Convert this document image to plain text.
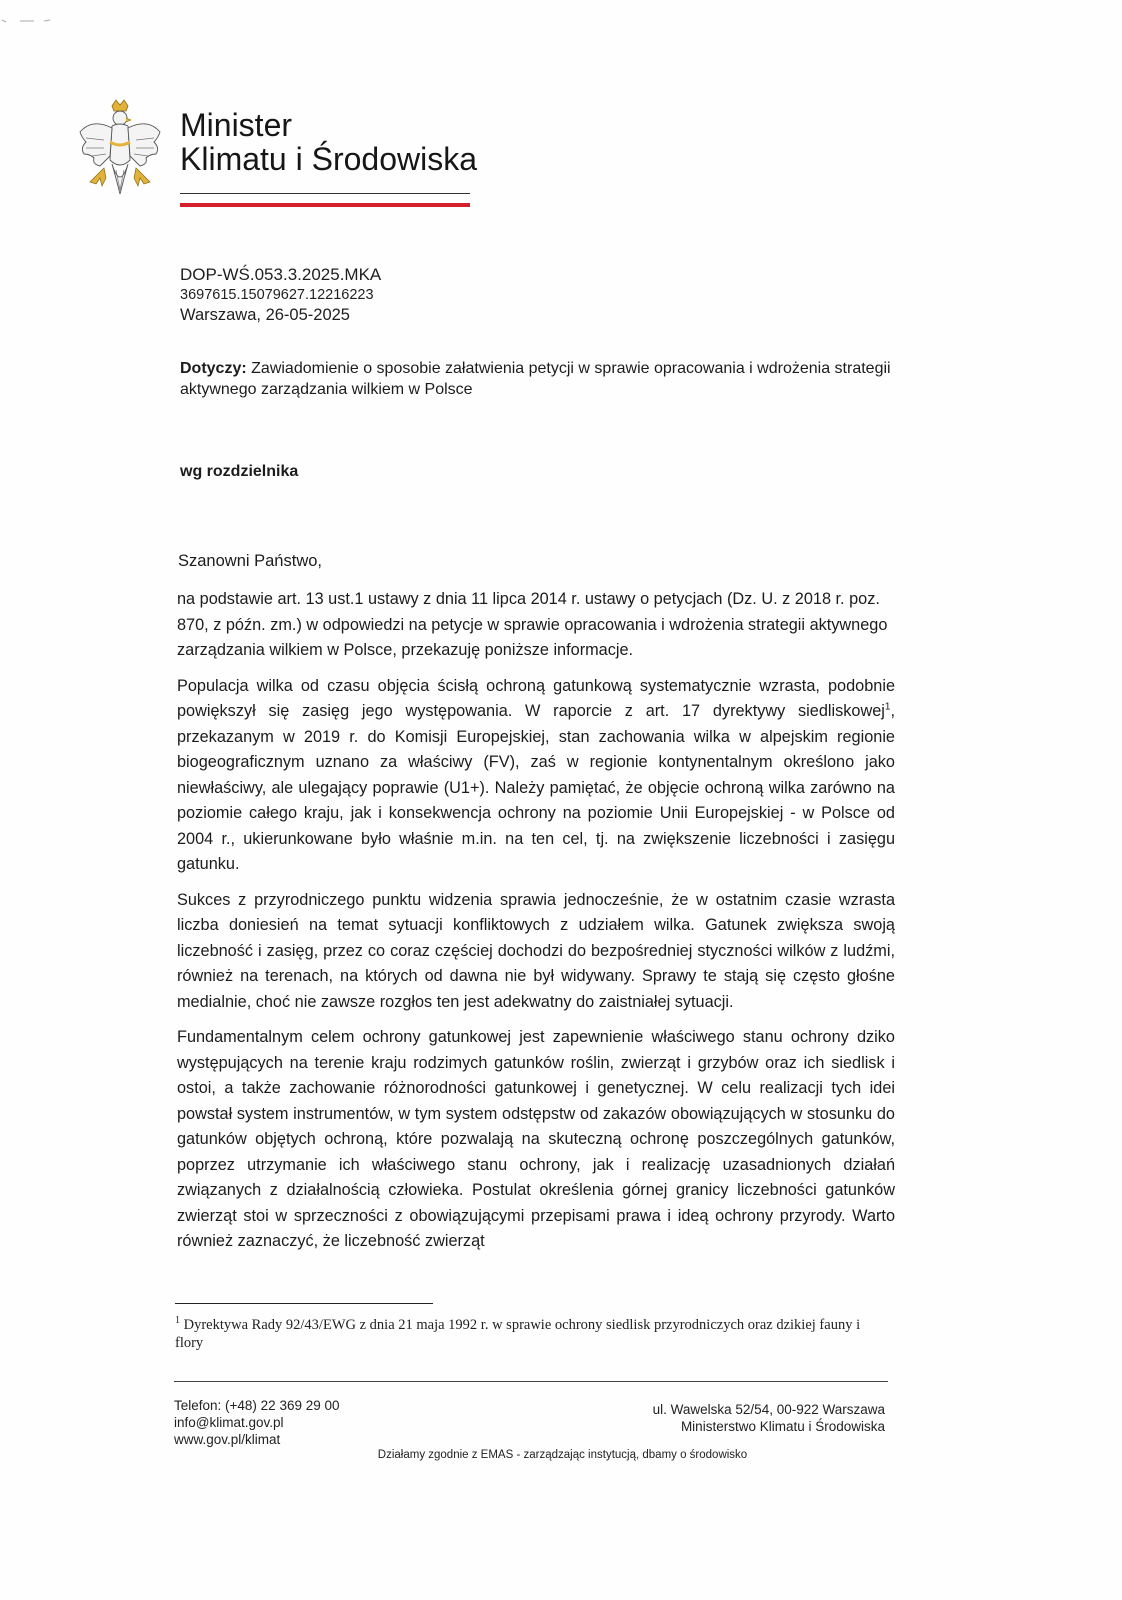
Minister
Klimatu i Środowiska
DOP-WŚ.053.3.2025.MKA
3697615.15079627.12216223
Warszawa, 26-05-2025
Dotyczy: Zawiadomienie o sposobie załatwienia petycji w sprawie opracowania i wdrożenia strategii aktywnego zarządzania wilkiem w Polsce
wg rozdzielnika
Szanowni Państwo,

na podstawie art. 13 ust.1 ustawy z dnia 11 lipca 2014 r. ustawy o petycjach (Dz. U. z 2018 r. poz. 870, z późn. zm.) w odpowiedzi na petycje w sprawie opracowania i wdrożenia strategii aktywnego zarządzania wilkiem w Polsce, przekazuję poniższe informacje.

Populacja wilka od czasu objęcia ścisłą ochroną gatunkową systematycznie wzrasta, podobnie powiększył się zasięg jego występowania. W raporcie z art. 17 dyrektywy siedliskowej$^1$, przekazanym w 2019 r. do Komisji Europejskiej, stan zachowania wilka w alpejskim regionie biogeograficznym uznano za właściwy (FV), zaś w regionie kontynentalnym określono jako niewłaściwy, ale ulegający poprawie (U1+). Należy pamiętać, że objęcie ochroną wilka zarówno na poziomie całego kraju, jak i konsekwencja ochrony na poziomie Unii Europejskiej - w Polsce od 2004 r., ukierunkowane było właśnie m.in. na ten cel, tj. na zwiększenie liczebności i zasięgu gatunku.

Sukces z przyrodniczego punktu widzenia sprawia jednocześnie, że w ostatnim czasie wzrasta liczba doniesień na temat sytuacji konfliktowych z udziałem wilka. Gatunek zwiększa swoją liczebność i zasięg, przez co coraz częściej dochodzi do bezpośredniej styczności wilków z ludźmi, również na terenach, na których od dawna nie był widywany. Sprawy te stają się często głośne medialnie, choć nie zawsze rozgłos ten jest adekwatny do zaistniałej sytuacji.

Fundamentalnym celem ochrony gatunkowej jest zapewnienie właściwego stanu ochrony dziko występujących na terenie kraju rodzimych gatunków roślin, zwierząt i grzybów oraz ich siedlisk i ostoi, a także zachowanie różnorodności gatunkowej i genetycznej. W celu realizacji tych idei powstał system instrumentów, w tym system odstępstw od zakazów obowiązujących w stosunku do gatunków objętych ochroną, które pozwalają na skuteczną ochronę poszczególnych gatunków, poprzez utrzymanie ich właściwego stanu ochrony, jak i realizację uzasadnionych działań związanych z działalnością człowieka. Postulat określenia górnej granicy liczebności gatunków zwierząt stoi w sprzeczności z obowiązującymi przepisami prawa i ideą ochrony przyrody. Warto również zaznaczyć, że liczebność zwierząt

$^1$ Dyrektywa Rady 92/43/EWG z dnia 21 maja 1992 r. w sprawie ochrony siedlisk przyrodniczych oraz dzikiej fauny i flory
Telefon: (+48) 22 369 29 00
info@klimat.gov.pl
www.gov.pl/klimat
ul. Wawelska 52/54, 00-922 Warszawa
Ministerstwo Klimatu i Środowiska
Działamy zgodnie z EMAS - zarządzając instytucją, dbamy o środowisko
